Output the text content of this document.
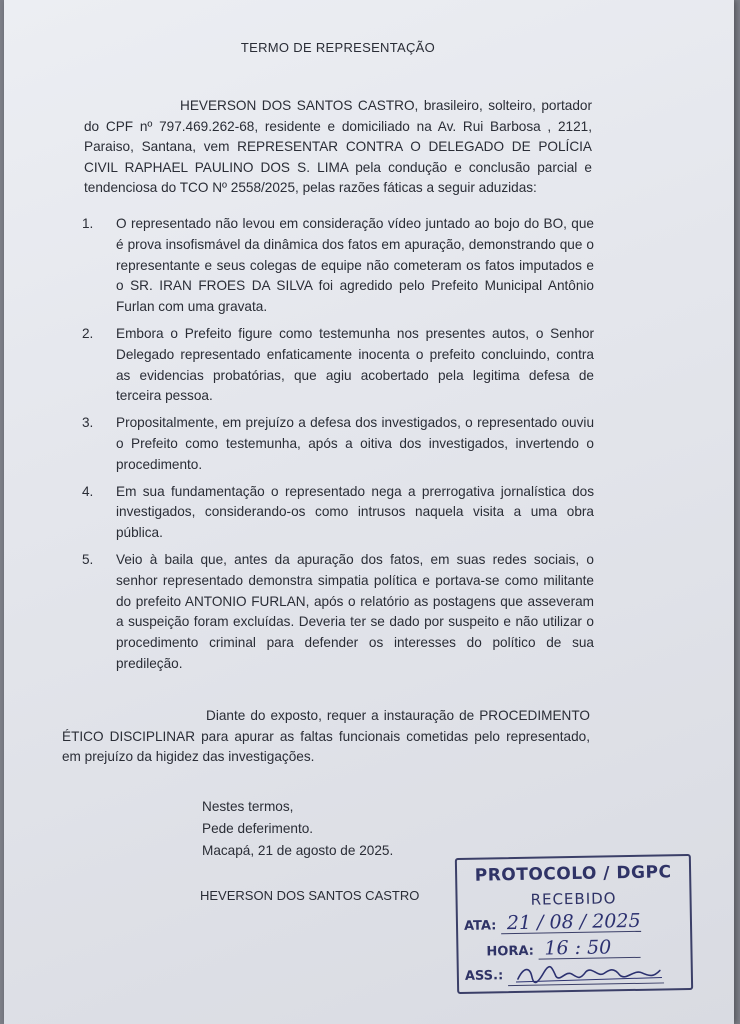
TERMO DE REPRESENTAÇÃO
HEVERSON DOS SANTOS CASTRO, brasileiro, solteiro, portador do CPF nº 797.469.262-68, residente e domiciliado na Av. Rui Barbosa , 2121, Paraiso, Santana, vem REPRESENTAR CONTRA O DELEGADO DE POLÍCIA CIVIL RAPHAEL PAULINO DOS S. LIMA pela condução e conclusão parcial e tendenciosa do TCO Nº 2558/2025, pelas razões fáticas a seguir aduzidas:
1. O representado não levou em consideração vídeo juntado ao bojo do BO, que é prova insofismável da dinâmica dos fatos em apuração, demonstrando que o representante e seus colegas de equipe não cometeram os fatos imputados e o SR. IRAN FROES DA SILVA foi agredido pelo Prefeito Municipal Antônio Furlan com uma gravata.
2. Embora o Prefeito figure como testemunha nos presentes autos, o Senhor Delegado representado enfaticamente inocenta o prefeito concluindo, contra as evidencias probatórias, que agiu acobertado pela legitima defesa de terceira pessoa.
3. Propositalmente, em prejuízo a defesa dos investigados, o representado ouviu o Prefeito como testemunha, após a oitiva dos investigados, invertendo o procedimento.
4. Em sua fundamentação o representado nega a prerrogativa jornalística dos investigados, considerando-os como intrusos naquela visita a uma obra pública.
5. Veio à baila que, antes da apuração dos fatos, em suas redes sociais, o senhor representado demonstra simpatia política e portava-se como militante do prefeito ANTONIO FURLAN, após o relatório as postagens que asseveram a suspeição foram excluídas. Deveria ter se dado por suspeito e não utilizar o procedimento criminal para defender os interesses do político de sua predileção.
Diante do exposto, requer a instauração de PROCEDIMENTO ÉTICO DISCIPLINAR para apurar as faltas funcionais cometidas pelo representado, em prejuízo da higidez das investigações.
Nestes termos,
Pede deferimento.
Macapá, 21 de agosto de 2025.
HEVERSON DOS SANTOS CASTRO
PROTOCOLO / DGPC
RECEBIDO
ATA: 21 / 08 / 2025
HORA: 16 : 50
ASS.:
